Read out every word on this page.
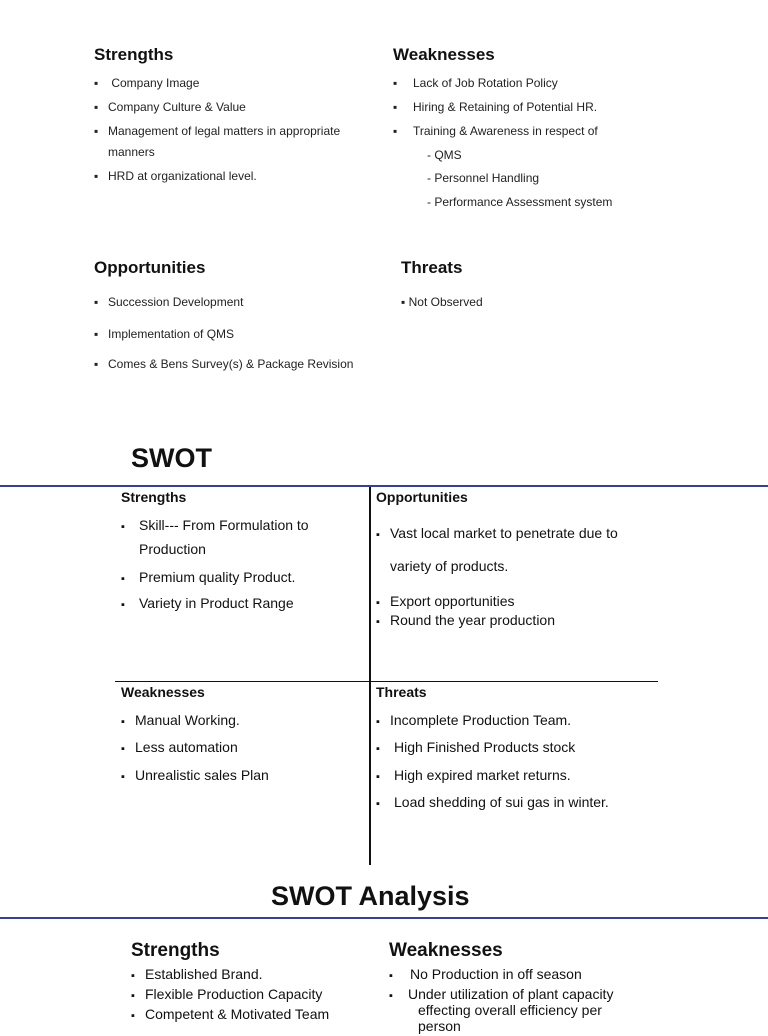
Strengths
▪ Company Image
▪ Company Culture & Value
▪ Management of legal matters in appropriate
manners
▪ HRD at organizational level.
Weaknesses
▪ Lack of Job Rotation Policy
▪ Hiring & Retaining of Potential HR.
▪ Training & Awareness in respect of
- QMS
- Personnel Handling
- Performance Assessment system
Opportunities
▪ Succession Development
▪ Implementation of QMS
▪ Comes & Bens Survey(s) & Package Revision
Threats
▪ Not Observed
SWOT
Strengths
▪ Skill--- From Formulation to
Production
▪ Premium quality Product.
▪ Variety in Product Range
Opportunities
▪ Vast local market to penetrate due to
variety of products.
▪ Export opportunities
▪ Round the year production
Weaknesses
▪ Manual Working.
▪ Less automation
▪ Unrealistic sales Plan
Threats
▪ Incomplete Production Team.
▪ High Finished Products stock
▪ High expired market returns.
▪ Load shedding of sui gas in winter.
SWOT Analysis
Strengths
▪ Established Brand.
▪ Flexible Production Capacity
▪ Competent & Motivated Team
Weaknesses
▪ No Production in off season
▪ Under utilization of plant capacity
effecting overall efficiency per
person
